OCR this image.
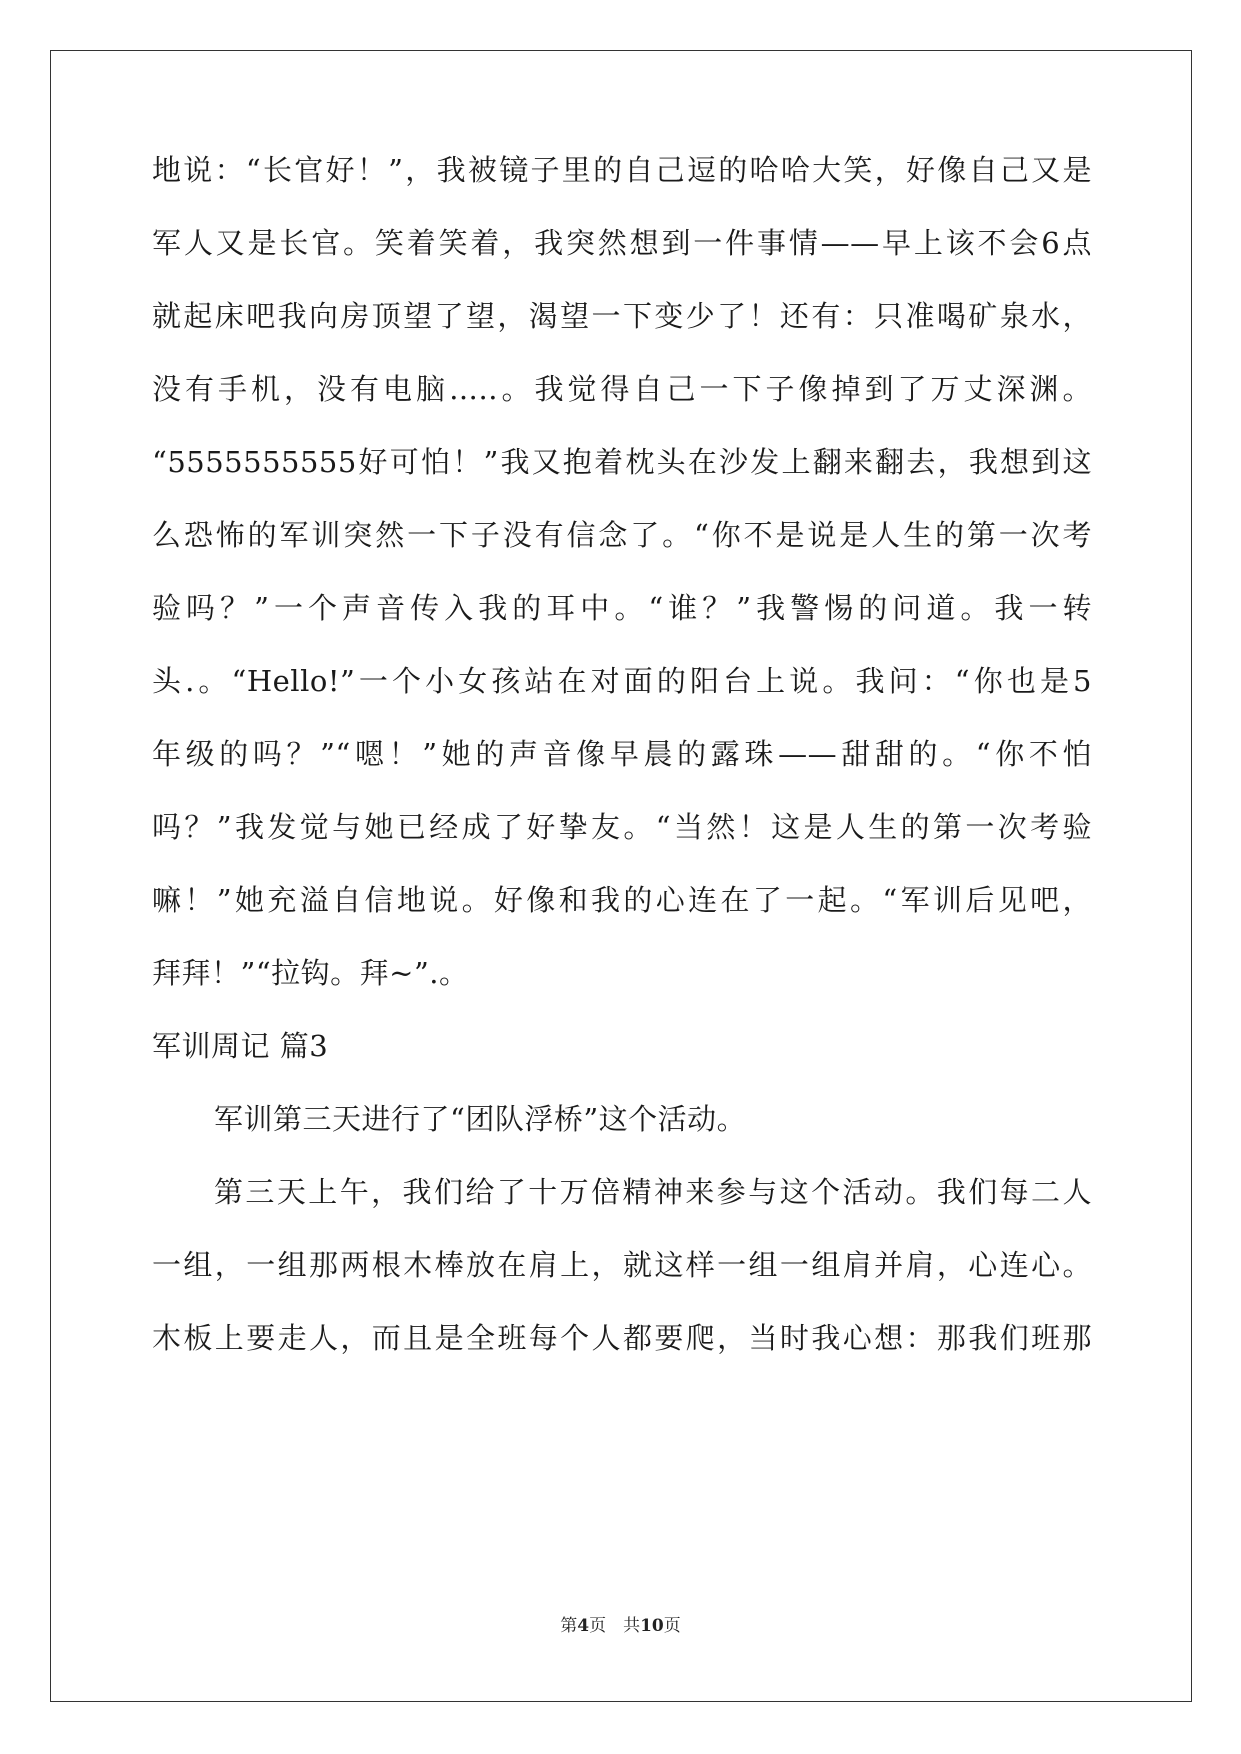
地说：“长官好！”，我被镜子里的自己逗的哈哈大笑，好像自己又是
军人又是长官。笑着笑着，我突然想到一件事情——早上该不会6点
就起床吧我向房顶望了望，渴望一下变少了！还有：只准喝矿泉水，
没有手机，没有电脑…..。我觉得自己一下子像掉到了万丈深渊。
“5555555555好可怕！”我又抱着枕头在沙发上翻来翻去，我想到这
么恐怖的军训突然一下子没有信念了。“你不是说是人生的第一次考
验吗？”一个声音传入我的耳中。“谁？”我警惕的问道。我一转
头.。“Hello!”一个小女孩站在对面的阳台上说。我问：“你也是5
年级的吗？”“嗯！”她的声音像早晨的露珠——甜甜的。“你不怕
吗？”我发觉与她已经成了好挚友。“当然！这是人生的第一次考验
嘛！”她充溢自信地说。好像和我的心连在了一起。“军训后见吧，
拜拜！”“拉钩。拜~”.。
军训周记 篇3
军训第三天进行了“团队浮桥”这个活动。
第三天上午，我们给了十万倍精神来参与这个活动。我们每二人
一组，一组那两根木棒放在肩上，就这样一组一组肩并肩，心连心。
木板上要走人，而且是全班每个人都要爬，当时我心想：那我们班那
第4页　共10页
